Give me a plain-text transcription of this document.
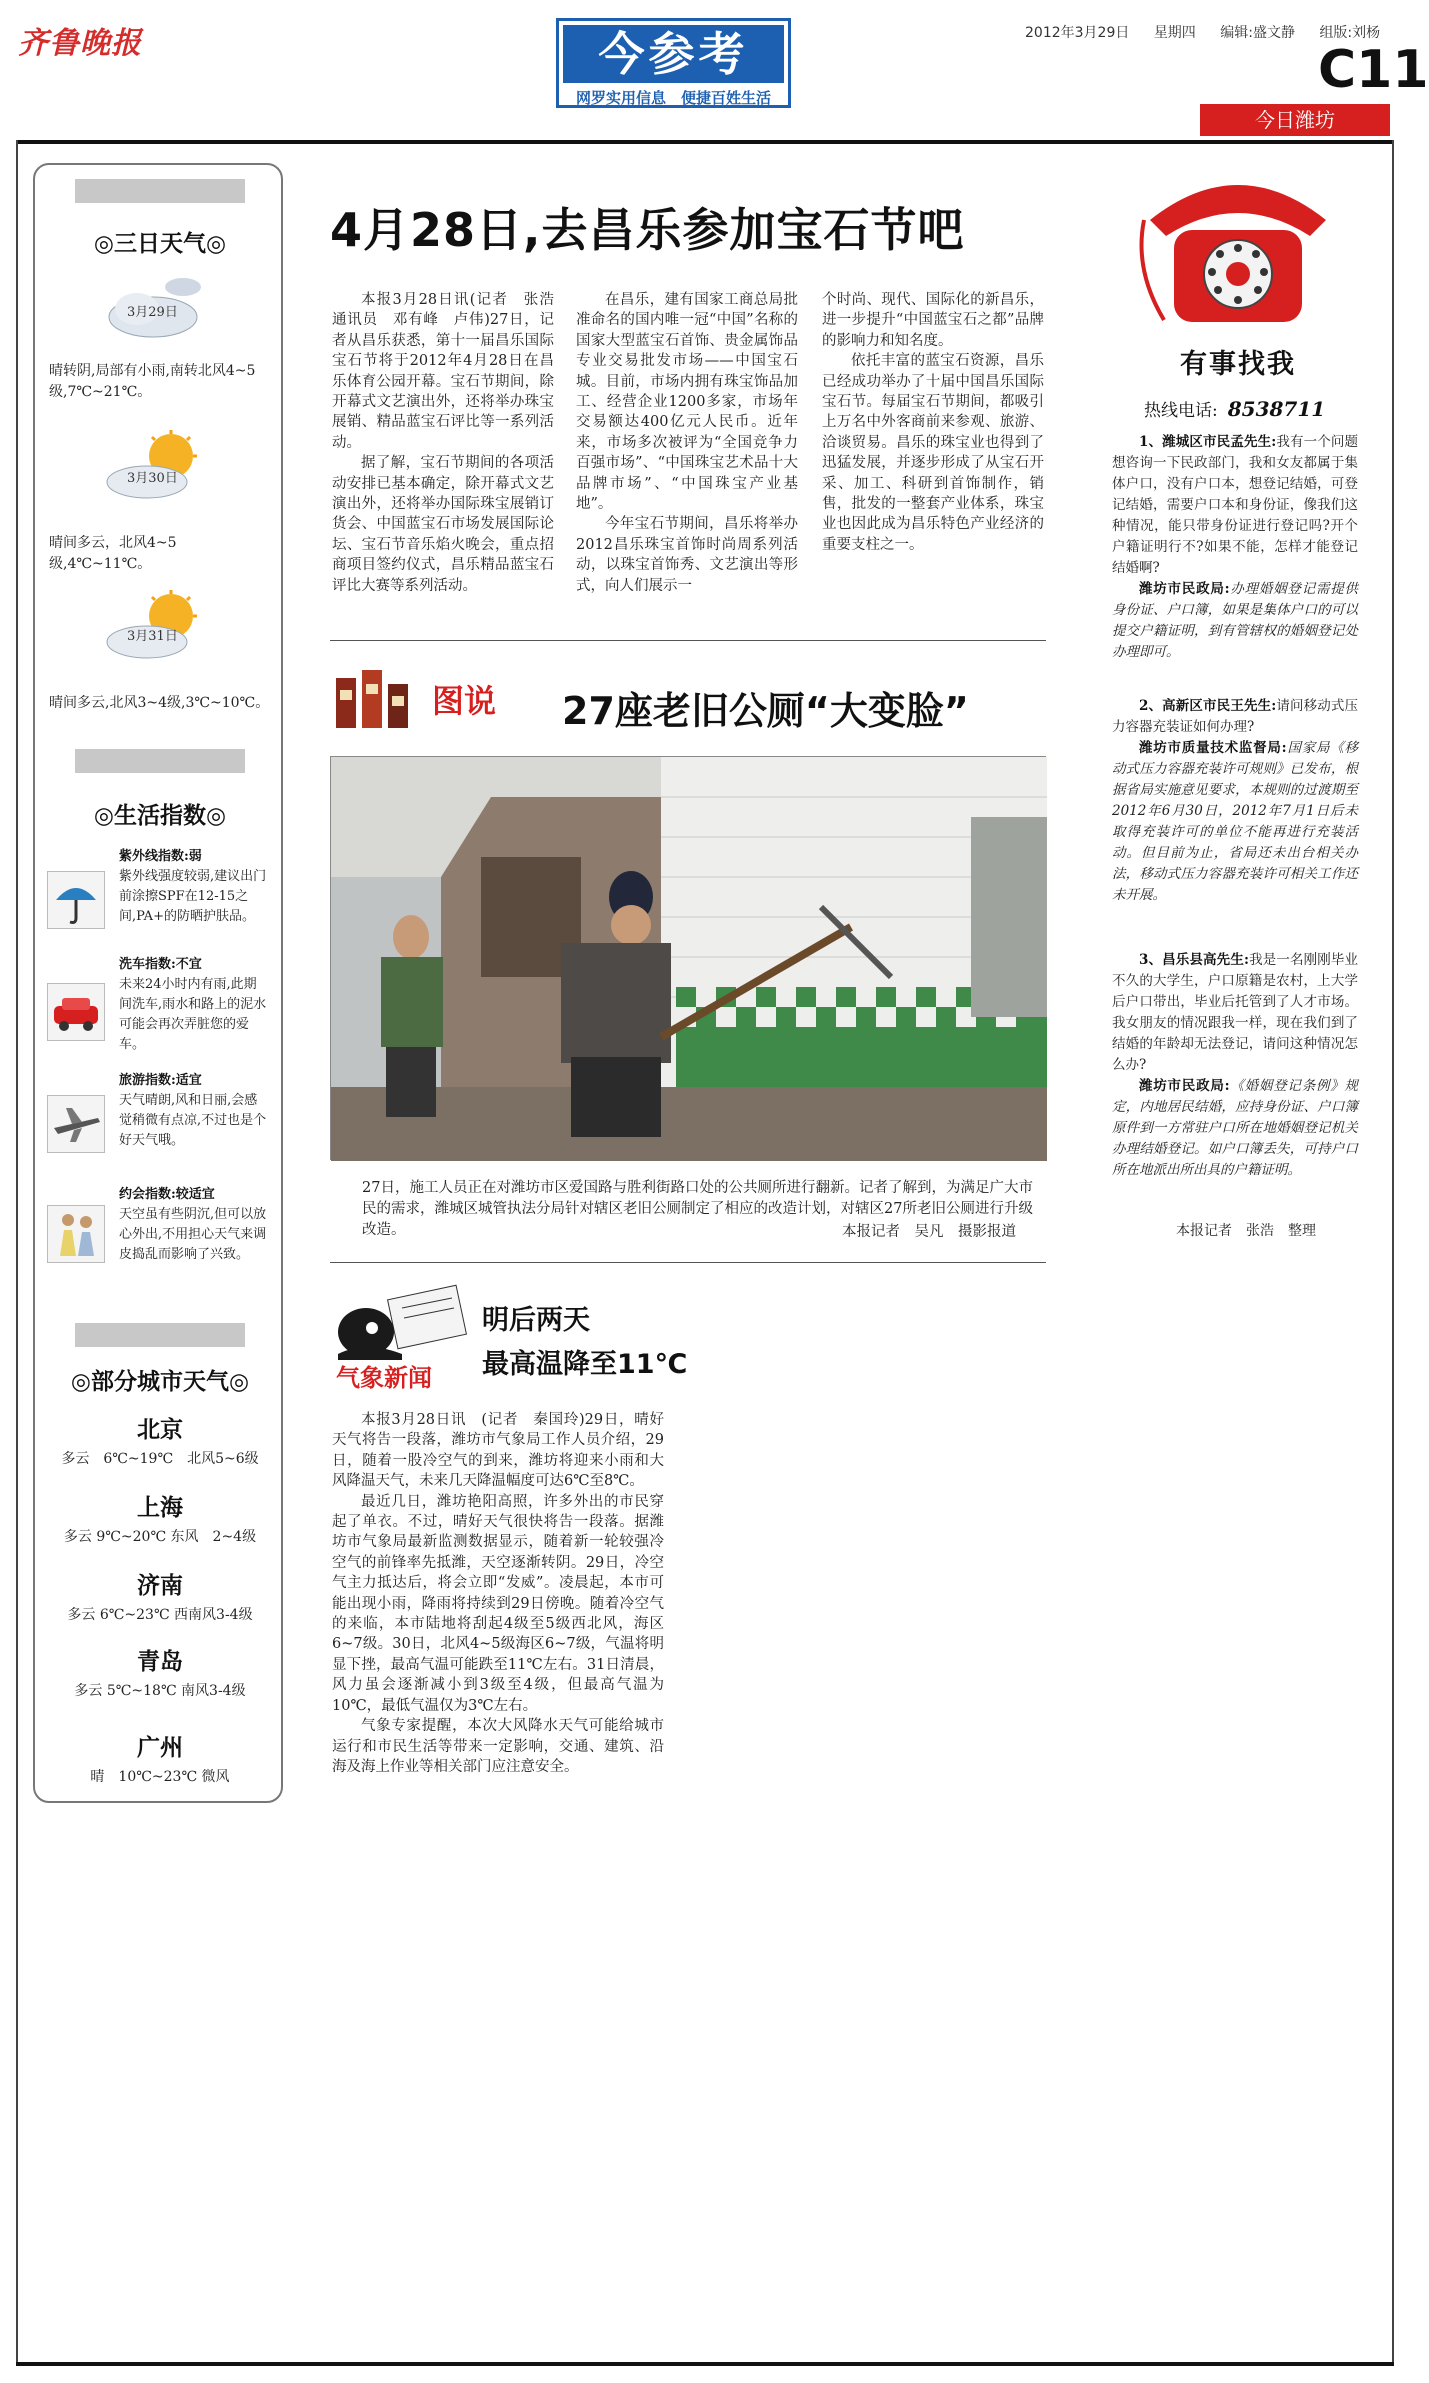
齐鲁晚报	今参考
网罗实用信息　便捷百姓生活
2012年3月29日　 星期四　 编辑:盛文静　 组版:刘杨
C11
今日潍坊
◎三日天气◎
3月29日
晴转阴,局部有小雨,南转北风4~5级,7℃~21℃。
3月30日
晴间多云，北风4~5级,4℃~11℃。
3月31日
晴间多云,北风3~4级,3℃~10℃。
◎生活指数◎
紫外线指数:弱
紫外线强度较弱,建议出门前涂擦SPF在12-15之间,PA+的防晒护肤品。
洗车指数:不宜
未来24小时内有雨,此期间洗车,雨水和路上的泥水可能会再次弄脏您的爱车。
旅游指数:适宜
天气晴朗,风和日丽,会感觉稍微有点凉,不过也是个好天气哦。
约会指数:较适宜
天空虽有些阴沉,但可以放心外出,不用担心天气来调皮捣乱而影响了兴致。
◎部分城市天气◎
北京
多云　6℃~19℃　北风5~6级
上海
多云 9℃~20℃ 东风　2~4级
济南
多云 6℃~23℃ 西南风3-4级
青岛
多云 5℃~18℃ 南风3-4级
广州
晴　10℃~23℃ 微风
4月28日,去昌乐参加宝石节吧

本报3月28日讯(记者　张浩　通讯员　邓有峰　卢伟)27日，记者从昌乐获悉，第十一届昌乐国际宝石节将于2012年4月28日在昌乐体育公园开幕。宝石节期间，除开幕式文艺演出外，还将举办珠宝展销、精品蓝宝石评比等一系列活动。

据了解，宝石节期间的各项活动安排已基本确定，除开幕式文艺演出外，还将举办国际珠宝展销订货会、中国蓝宝石市场发展国际论坛、宝石节音乐焰火晚会，重点招商项目签约仪式，昌乐精品蓝宝石评比大赛等系列活动。

在昌乐，建有国家工商总局批准命名的国内唯一冠“中国”名称的国家大型蓝宝石首饰、贵金属饰品专业交易批发市场——中国宝石城。目前，市场内拥有珠宝饰品加工、经营企业1200多家，市场年交易额达400亿元人民币。近年来，市场多次被评为“全国竞争力百强市场”、“中国珠宝艺术品十大品牌市场”、“中国珠宝产业基地”。

今年宝石节期间，昌乐将举办2012昌乐珠宝首饰时尚周系列活动，以珠宝首饰秀、文艺演出等形式，向人们展示一

个时尚、现代、国际化的新昌乐，进一步提升“中国蓝宝石之都”品牌的影响力和知名度。

依托丰富的蓝宝石资源，昌乐已经成功举办了十届中国昌乐国际宝石节。每届宝石节期间，都吸引上万名中外客商前来参观、旅游、洽谈贸易。昌乐的珠宝业也得到了迅猛发展，并逐步形成了从宝石开采、加工、科研到首饰制作，销售，批发的一整套产业体系，珠宝业也因此成为昌乐特色产业经济的重要支柱之一。

图说 27座老旧公厕“大变脸”
27日，施工人员正在对潍坊市区爱国路与胜利街路口处的公共厕所进行翻新。记者了解到，为满足广大市民的需求，潍城区城管执法分局针对辖区老旧公厕制定了相应的改造计划，对辖区27所老旧公厕进行升级改造。	本报记者　吴凡　摄影报道
气象新闻
明后两天
最高温降至11℃

本报3月28日讯　(记者　秦国玲)29日，晴好天气将告一段落，潍坊市气象局工作人员介绍，29日，随着一股冷空气的到来，潍坊将迎来小雨和大风降温天气，未来几天降温幅度可达6℃至8℃。

最近几日，潍坊艳阳高照，许多外出的市民穿起了单衣。不过，晴好天气很快将告一段落。据潍坊市气象局最新监测数据显示，随着新一轮较强冷空气的前锋率先抵潍，天空逐渐转阴。29日，冷空气主力抵达后，将会立即“发威”。凌晨起，本市可能出现小雨，降雨将持续到29日傍晚。随着冷空气的来临，本市陆地将刮起4级至5级西北风，海区6~7级。30日，北风4~5级海区6~7级，气温将明显下挫，最高气温可能跌至11℃左右。31日清晨，风力虽会逐渐减小到3级至4级，但最高气温为10℃，最低气温仅为3℃左右。

气象专家提醒，本次大风降水天气可能给城市运行和市民生活等带来一定影响，交通、建筑、沿海及海上作业等相关部门应注意安全。

有事找我
热线电话: 8538711

1、潍城区市民孟先生:我有一个问题想咨询一下民政部门，我和女友都属于集体户口，没有户口本，想登记结婚，可登记结婚，需要户口本和身份证，像我们这种情况，能只带身份证进行登记吗?开个户籍证明行不?如果不能，怎样才能登记结婚啊?

潍坊市民政局:办理婚姻登记需提供身份证、户口簿，如果是集体户口的可以提交户籍证明，到有管辖权的婚姻登记处办理即可。

2、高新区市民王先生:请问移动式压力容器充装证如何办理?

潍坊市质量技术监督局:国家局《移动式压力容器充装许可规则》已发布，根据省局实施意见要求，本规则的过渡期至2012年6月30日，2012年7月1日后未取得充装许可的单位不能再进行充装活动。但目前为止，省局还未出台相关办法，移动式压力容器充装许可相关工作还未开展。

3、昌乐县高先生:我是一名刚刚毕业不久的大学生，户口原籍是农村，上大学后户口带出，毕业后托管到了人才市场。我女朋友的情况跟我一样，现在我们到了结婚的年龄却无法登记，请问这种情况怎么办?

潍坊市民政局:《婚姻登记条例》规定，内地居民结婚，应持身份证、户口簿原件到一方常驻户口所在地婚姻登记机关办理结婚登记。如户口簿丢失，可持户口所在地派出所出具的户籍证明。

本报记者　张浩　整理
